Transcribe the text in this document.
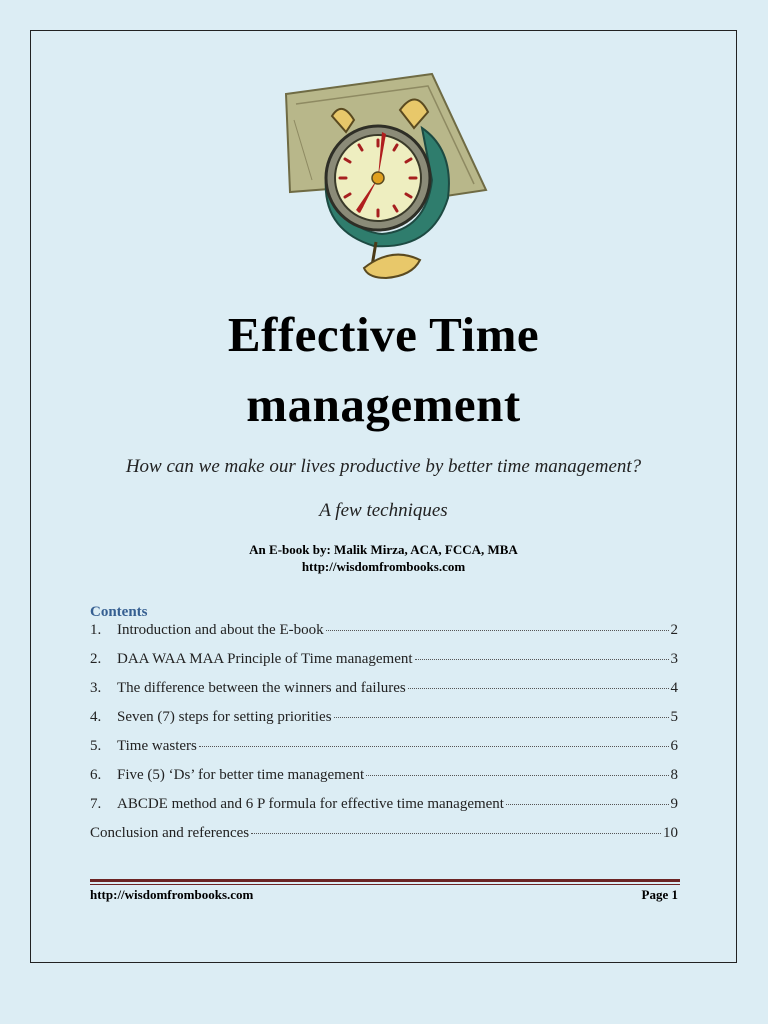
Effective Time
management
How can we make our lives productive by better time management?
A few techniques
An E-book by: Malik Mirza, ACA, FCCA, MBA
http://wisdomfrombooks.com
Contents
1.	Introduction and about the E-book	2
2.	DAA WAA MAA Principle of Time management	3
3.	The difference between the winners and failures	4
4.	Seven (7) steps for setting priorities	5
5.	Time wasters	6
6.	Five (5) ‘Ds’ for better time management	8
7.	ABCDE method and 6 P formula for effective time management	9
Conclusion and references	10
http://wisdomfrombooks.com	Page 1
